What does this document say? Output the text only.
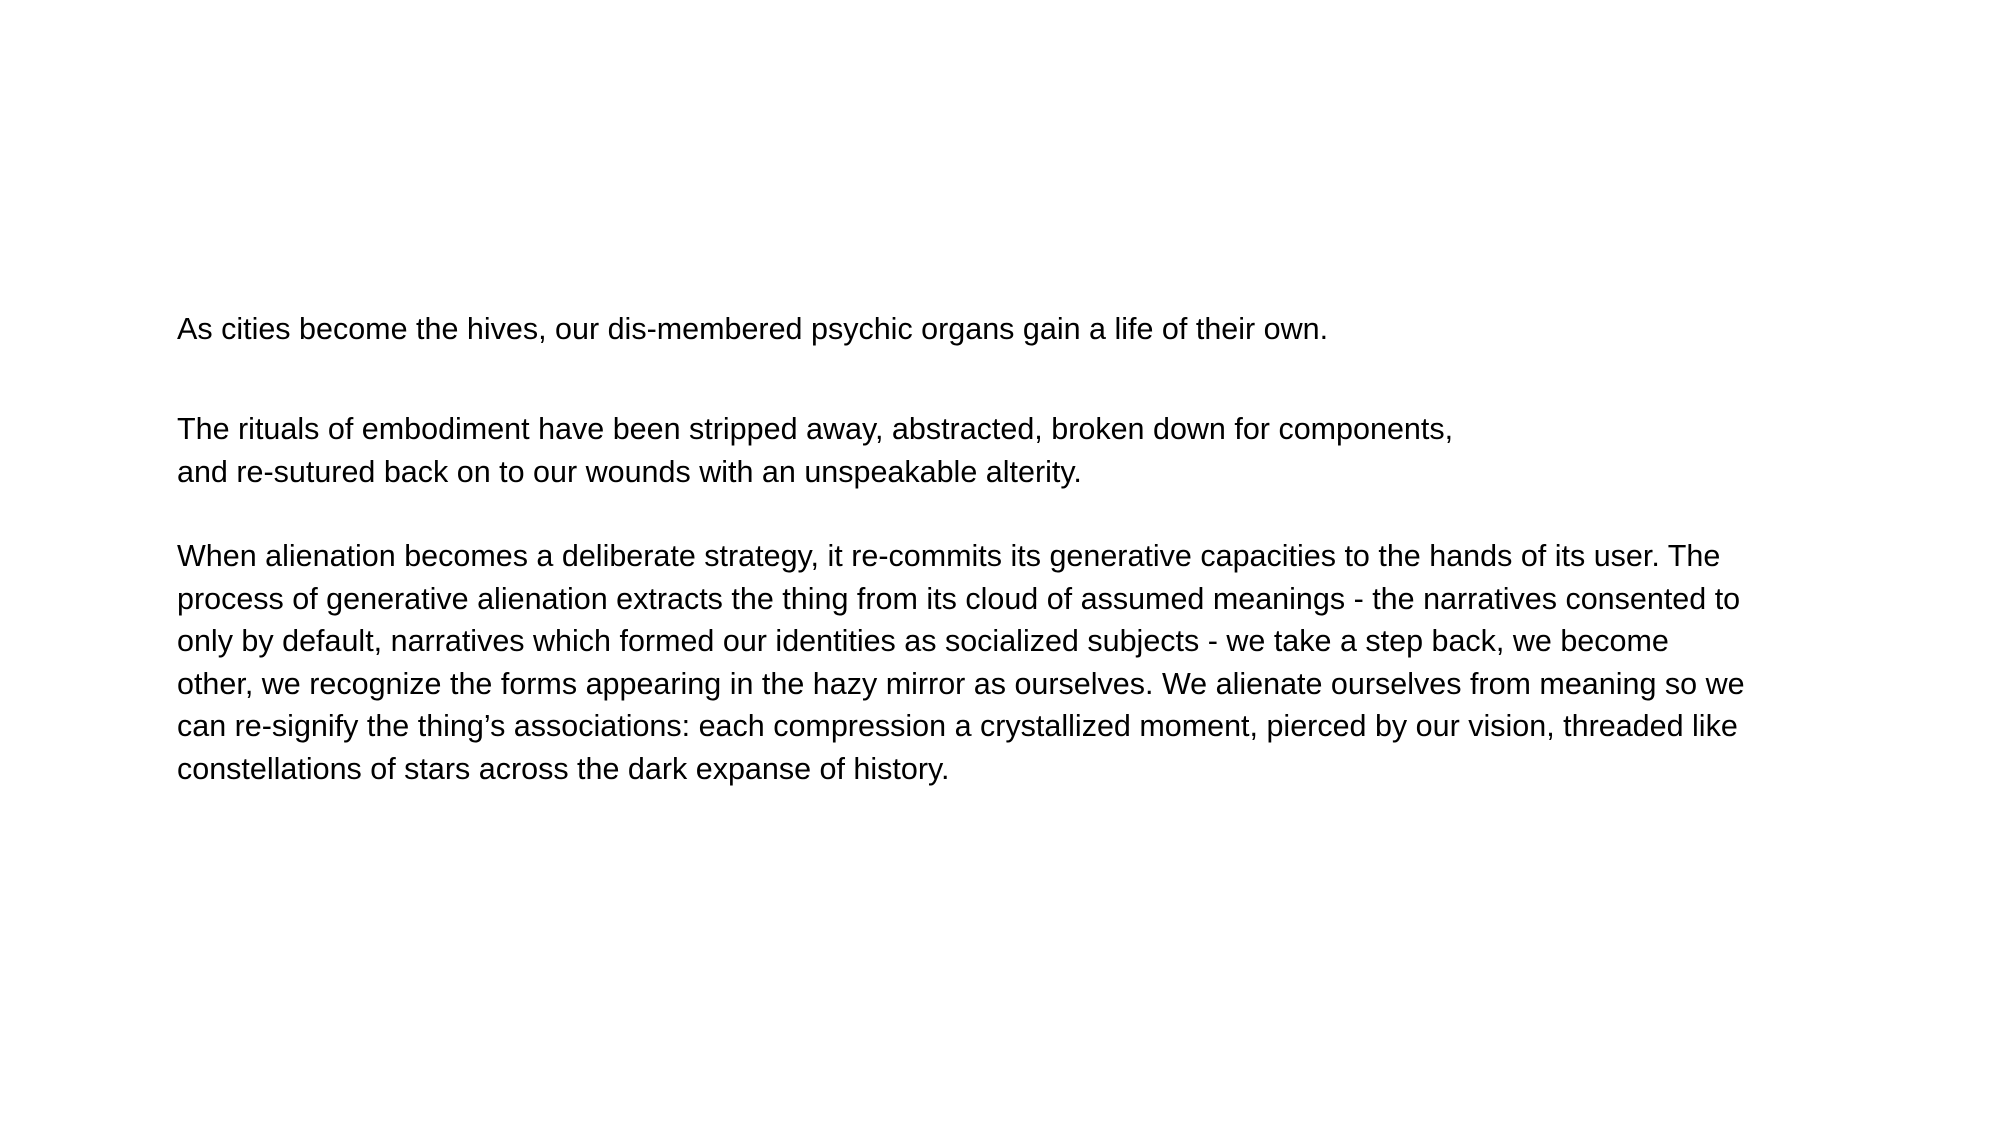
As cities become the hives, our dis-membered psychic organs gain a life of their own.

The rituals of embodiment have been stripped away, abstracted, broken down for components,
and re-sutured back on to our wounds with an unspeakable alterity.

When alienation becomes a deliberate strategy, it re-commits its generative capacities to the hands of its user. The
process of generative alienation extracts the thing from its cloud of assumed meanings - the narratives consented to
only by default, narratives which formed our identities as socialized subjects - we take a step back, we become
other, we recognize the forms appearing in the hazy mirror as ourselves. We alienate ourselves from meaning so we
can re-signify the thing’s associations: each compression a crystallized moment, pierced by our vision, threaded like
constellations of stars across the dark expanse of history.
